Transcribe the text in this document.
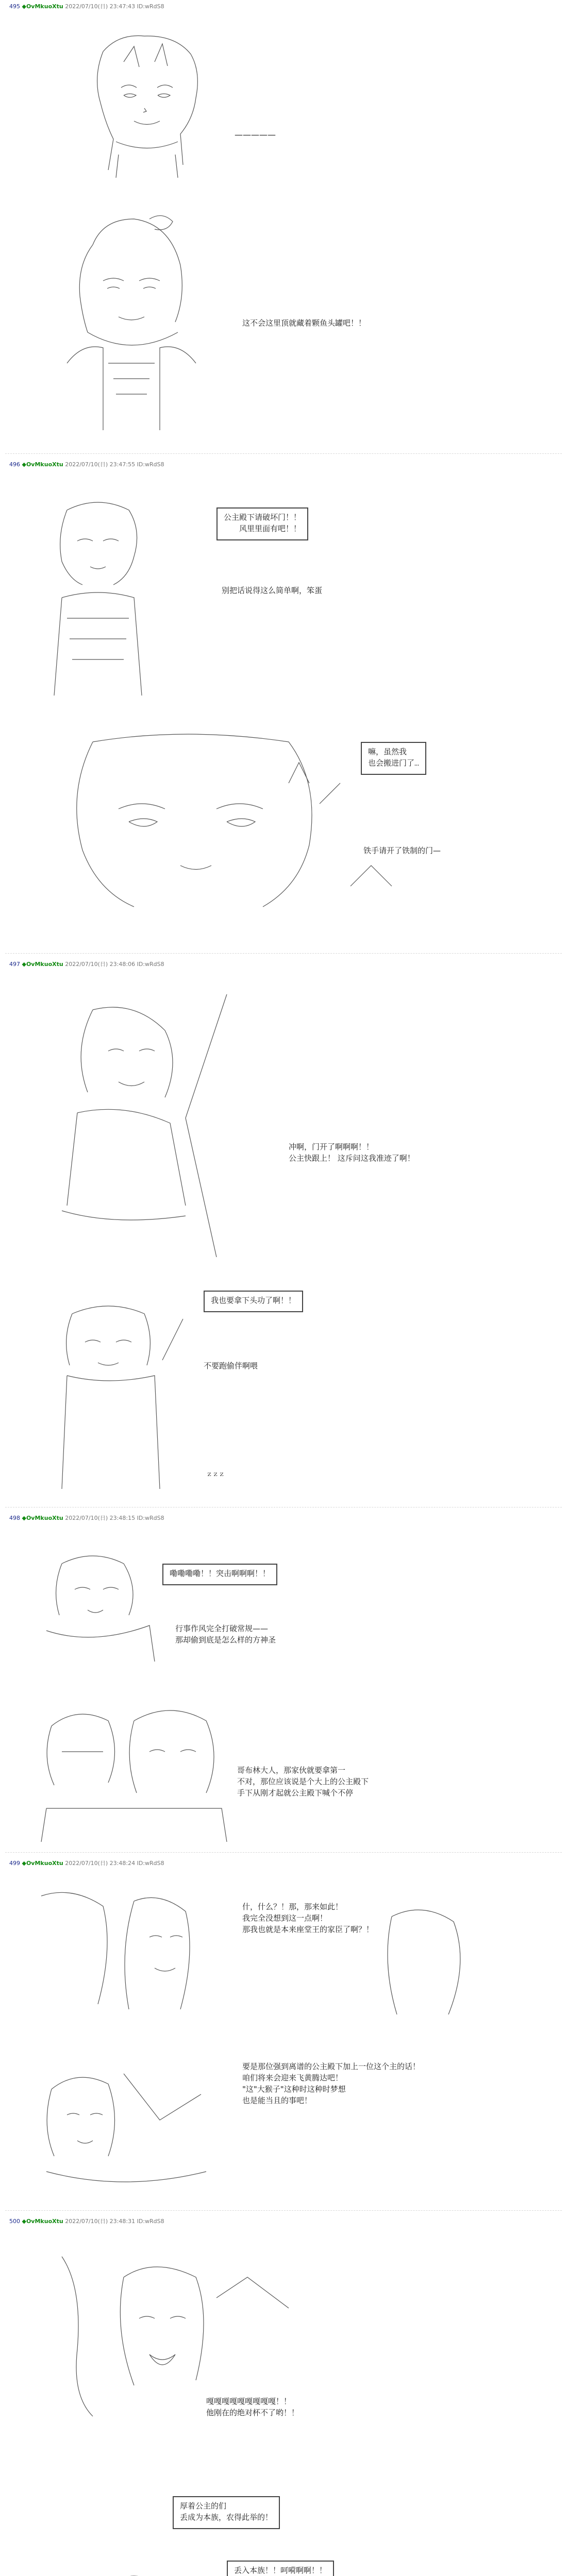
495 ◆OvMkuoXtu 2022/07/10(日) 23:47:43 ID:wRdS8
—————
这不会这里顶就藏着颗鱼头罐吧！！
496 ◆OvMkuoXtu 2022/07/10(日) 23:47:55 ID:wRdS8
公主殿下请破坏门！！
　　风里里面有吧！！
别把话说得这么简单啊，笨蛋
嘛，虽然我
也会搬进门了…
铁手请开了铁制的门—
497 ◆OvMkuoXtu 2022/07/10(日) 23:48:06 ID:wRdS8
冲啊，门开了啊啊啊！！
公主快跟上！ 这斥问这我准迹了啊！
我也要拿下头功了啊！！
不要跑偷伴啊喂
ｚｚｚ
498 ◆OvMkuoXtu 2022/07/10(日) 23:48:15 ID:wRdS8
嘞嘞嘞嘞！！突击啊啊啊！！
行事作风完全打破常规——
那却偷到底是怎么样的方神圣
哥布林大人，那家伙就要拿第一
不对，那位应该说是个大上的公主殿下
手下从刚才起就公主殿下喊个不停
499 ◆OvMkuoXtu 2022/07/10(日) 23:48:24 ID:wRdS8
什，什么？！那，那来如此！
我完全没想到这一点啊！
那我也就是本来座堂王的家臣了啊？！
要是那位强到离谱的公主殿下加上一位这个主的话！
咱们将来会迎来飞黄腾达吧！
"这"大猴子"这种时这种时梦想
也是能当且的事吧！
500 ◆OvMkuoXtu 2022/07/10(日) 23:48:31 ID:wRdS8
嘎嘎嘎嘎嘎嘎嘎嘎嘎！！
他刚在的绝对杯不了哟！！
厚着公主的们
丢成为本族，农得此举的！
丢入本族！！呵嗬啊啊！！
